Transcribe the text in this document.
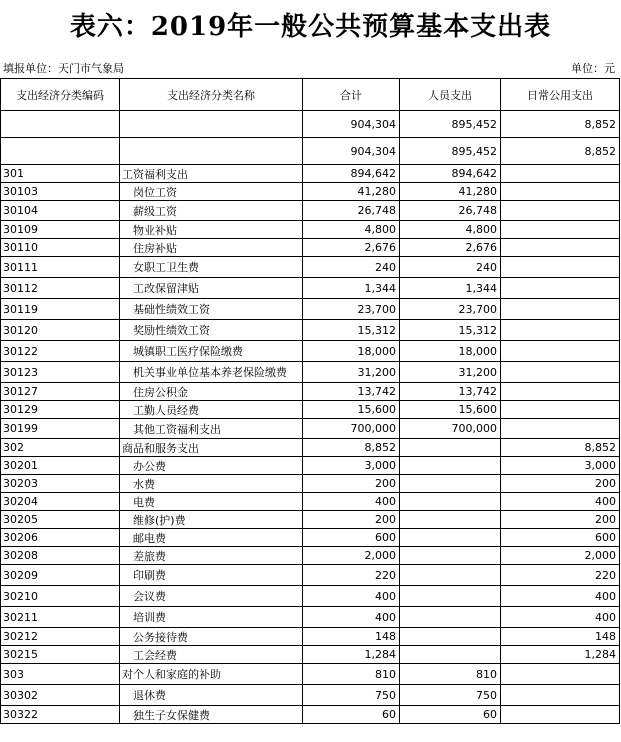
表六：2019年一般公共预算基本支出表
填报单位：天门市气象局	单位：元
支出经济分类编码	支出经济分类名称	合计	人员支出	日常公用支出
		904,304	895,452	8,852
		904,304	895,452	8,852
301	工资福利支出	894,642	894,642	
30103	岗位工资	41,280	41,280	
30104	薪级工资	26,748	26,748	
30109	物业补贴	4,800	4,800	
30110	住房补贴	2,676	2,676	
30111	女职工卫生费	240	240	
30112	工改保留津贴	1,344	1,344	
30119	基础性绩效工资	23,700	23,700	
30120	奖励性绩效工资	15,312	15,312	
30122	城镇职工医疗保险缴费	18,000	18,000	
30123	机关事业单位基本养老保险缴费	31,200	31,200	
30127	住房公积金	13,742	13,742	
30129	工勤人员经费	15,600	15,600	
30199	其他工资福利支出	700,000	700,000	
302	商品和服务支出	8,852		8,852
30201	办公费	3,000		3,000
30203	水费	200		200
30204	电费	400		400
30205	维修(护)费	200		200
30206	邮电费	600		600
30208	差旅费	2,000		2,000
30209	印刷费	220		220
30210	会议费	400		400
30211	培训费	400		400
30212	公务接待费	148		148
30215	工会经费	1,284		1,284
303	对个人和家庭的补助	810	810	
30302	退休费	750	750	
30322	独生子女保健费	60	60	
